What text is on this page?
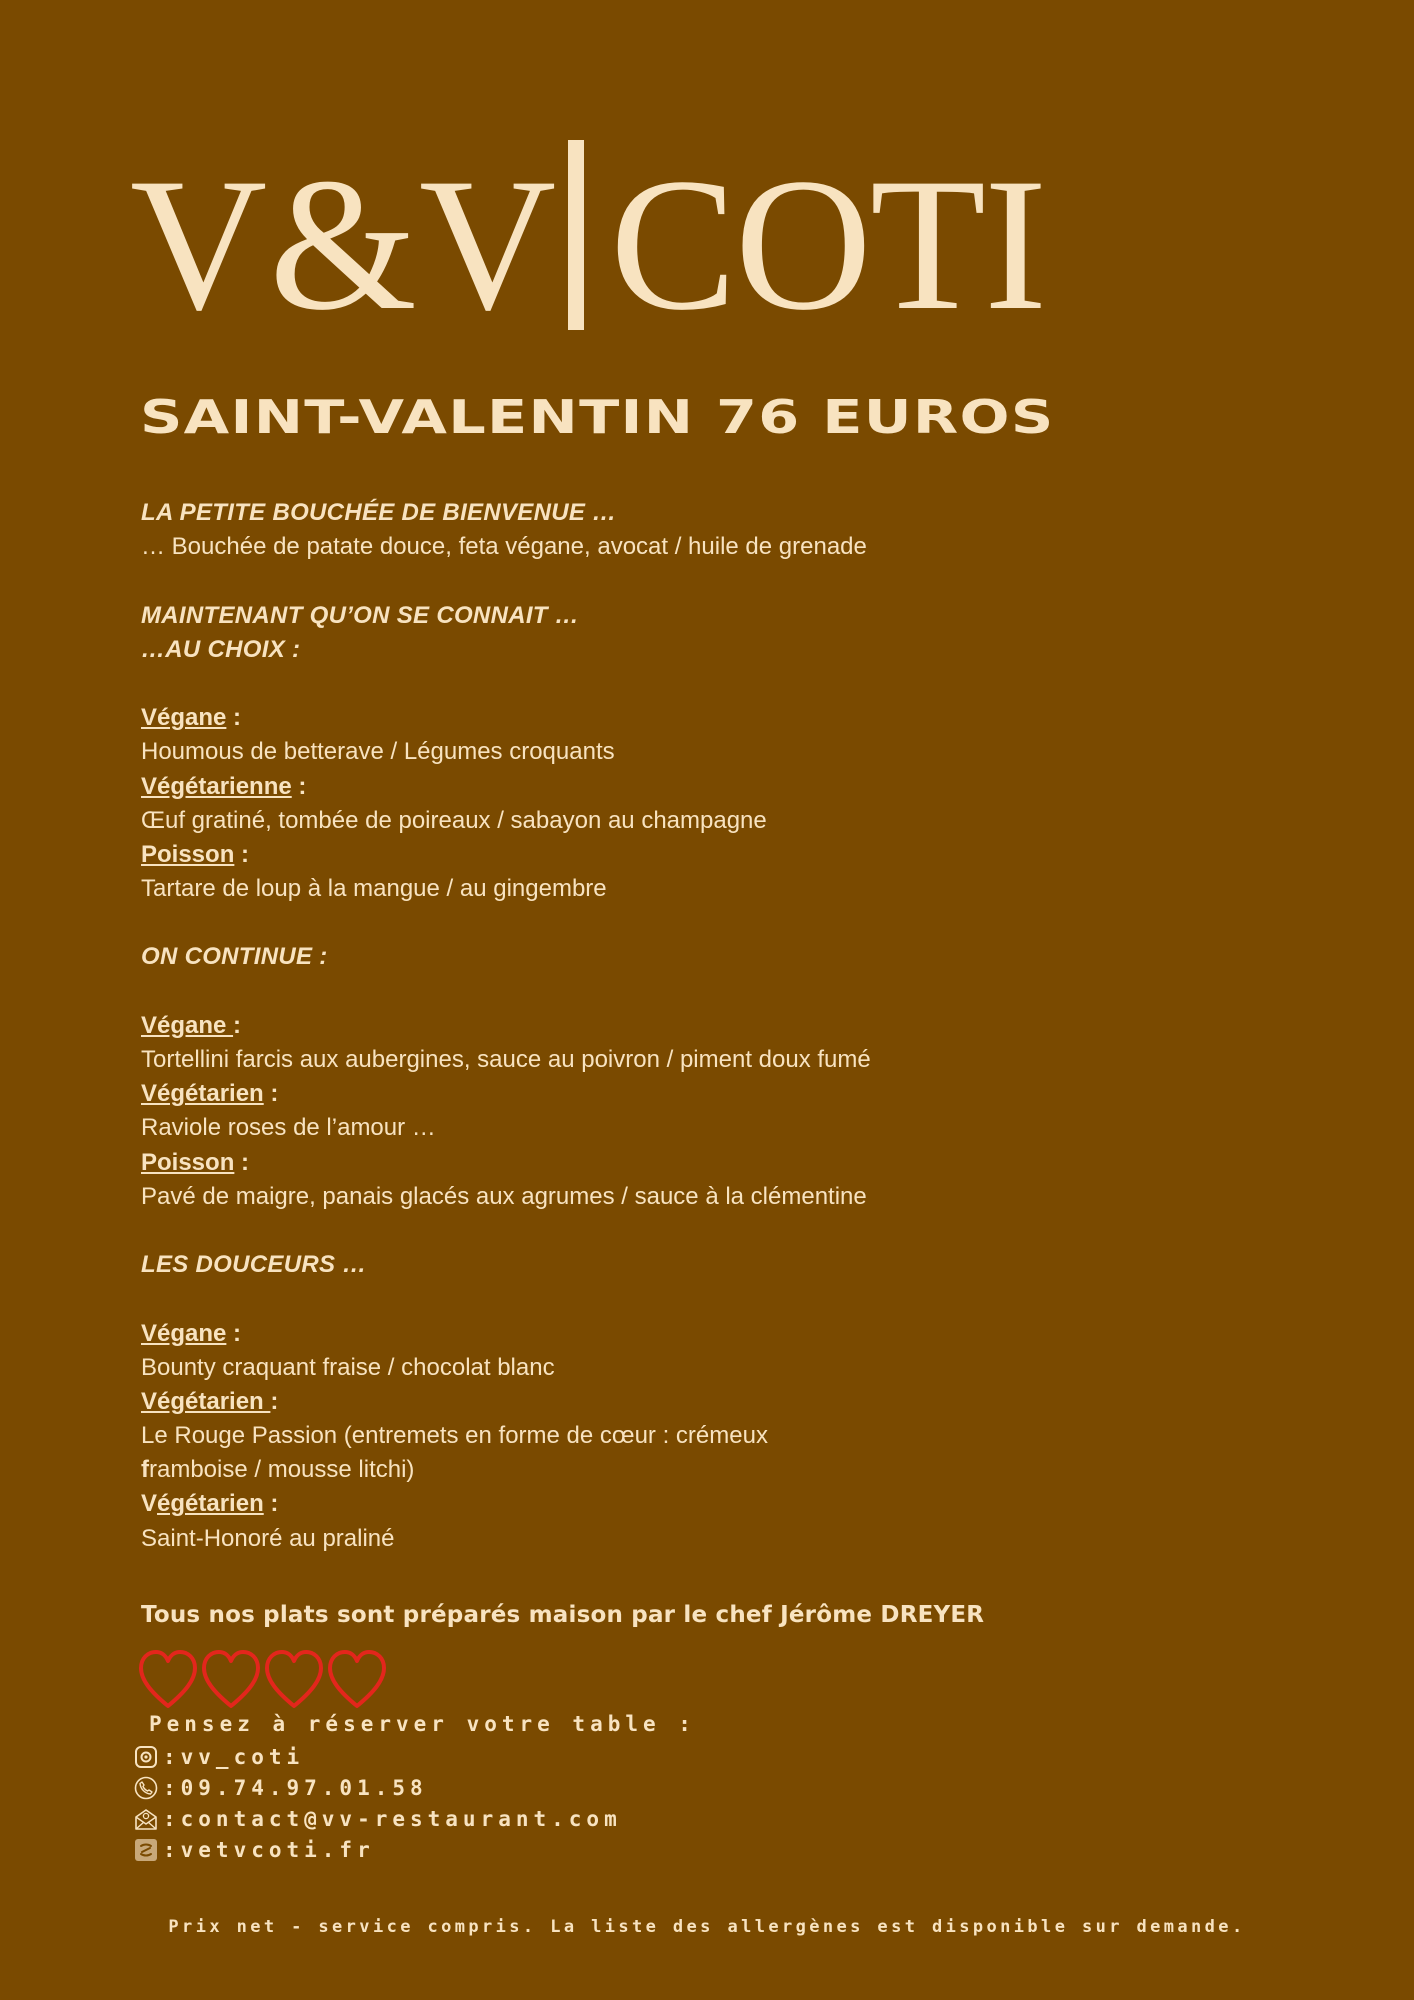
V&V COTI
SAINT-VALENTIN 76 EUROS
LA PETITE BOUCHÉE DE BIENVENUE …
… Bouchée de patate douce, feta végane, avocat / huile de grenade
MAINTENANT QU’ON SE CONNAIT …
…AU CHOIX :
Végane :
Houmous de betterave / Légumes croquants
Végétarienne :
Œuf gratiné, tombée de poireaux / sabayon au champagne
Poisson :
Tartare de loup à la mangue / au gingembre
ON CONTINUE :
Végane :
Tortellini farcis aux aubergines, sauce au poivron / piment doux fumé
Végétarien :
Raviole roses de l’amour …
Poisson :
Pavé de maigre, panais glacés aux agrumes / sauce à la clémentine
LES DOUCEURS …
Végane :
Bounty craquant fraise / chocolat blanc
Végétarien :
Le Rouge Passion (entremets en forme de cœur : crémeux
framboise / mousse litchi)
Végétarien :
Saint-Honoré au praliné
Tous nos plats sont préparés maison par le chef Jérôme DREYER
Pensez à réserver votre table :
:vv_coti
:09.74.97.01.58
:contact@vv-restaurant.com
:vetvcoti.fr
Prix net - service compris. La liste des allergènes est disponible sur demande.
